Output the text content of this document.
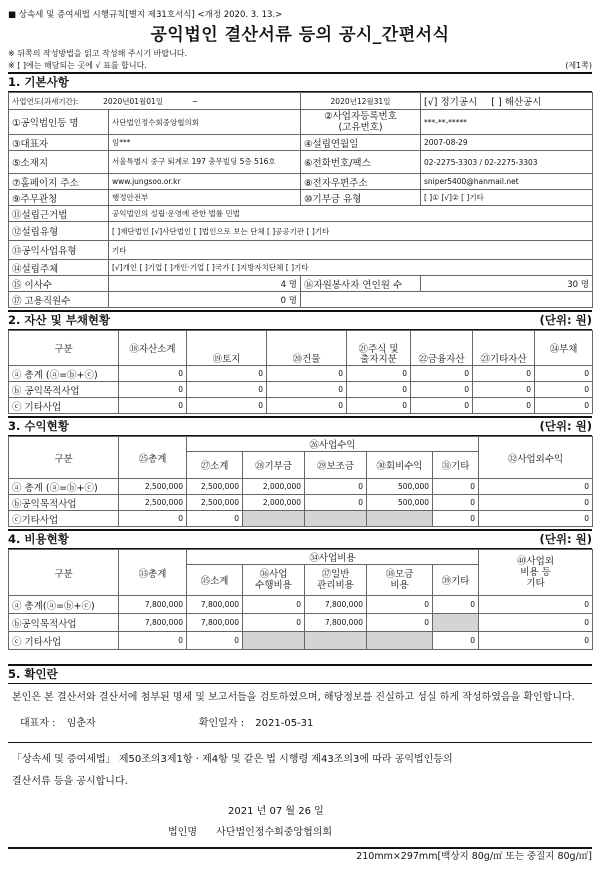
■ 상속세 및 증여세법 시행규칙[별지 제31호서식] <개정 2020. 3. 13.>
공익법인 결산서류 등의 공시_간편서식
※ 뒤쪽의 작성방법을 읽고 작성해 주시기 바랍니다.
※ [ ]에는 해당되는 곳에 √ 표를 합니다.	(제1쪽)
1. 기본사항
사업연도(과세기간): 2020년01월01일 ~		2020년12월31일	[√] 정기공시 [ ] 해산공시
①공익법인등 명	사단법인정수회중앙협의회	②사업자등록번호
(고유번호)	***-**-*****
③대표자	임***	④설립연월일	2007-08-29
⑤소재지	서울특별시 중구 퇴계로 197 충무빌딩 5층 516호	⑥전화번호/팩스	02-2275-3303 / 02-2275-3303
⑦홈페이지 주소	www.jungsoo.or.kr	⑧전자우편주소	sniper5400@hanmail.net
⑨주무관청	행정안전부	⑩기부금 유형	[ ]① [√]② [ ]기타
⑪설립근거법	공익법인의 설립·운영에 관한 법률 민법		
⑫설립유형	[ ]재단법인 [√]사단법인 [ ]법인으로 보는 단체 [ ]공공기관 [ ]기타		
⑬공익사업유형	기타		
⑭설립주체	[√]개인 [ ]기업 [ ]개인·기업 [ ]국가 [ ]지방자치단체 [ ]기타		
⑮ 이사수	4 명	⑯자원봉사자 연인원 수	30 명
⑰ 고용직원수	0 명		
2. 자산 및 부채현황	(단위: 원)
구분	⑱자산소계	⑲토지	⑳건물	㉑주식 및
출자지분	㉒금융자산	㉓기타자산	㉔부채
ⓐ 총계 (ⓐ=ⓑ+ⓒ)	0	0	0	0	0	0	0
ⓑ 공익목적사업	0	0	0	0	0	0	0
ⓒ 기타사업	0	0	0	0	0	0	0
3. 수익현황	(단위: 원)
구분	㉕총계	㉖사업수익					㉜사업외수익
		㉗소계	㉘기부금	㉙보조금	㉚회비수익	㉛기타	
ⓐ 총계 (ⓐ=ⓑ+ⓒ)	2,500,000	2,500,000	2,000,000	0	500,000	0	0
ⓑ공익목적사업	2,500,000	2,500,000	2,000,000	0	500,000	0	0
ⓒ기타사업	0	0				0	0
4. 비용현황	(단위: 원)
구분	㉝총계	㉞사업비용					㊵사업외
비용 등
기타
		㉟소계	㊱사업
수행비용	㊲일반
관리비용	㊳모금
비용	㊴기타	
ⓐ 총계(ⓐ=ⓑ+ⓒ)	7,800,000	7,800,000	0	7,800,000	0	0	0
ⓑ공익목적사업	7,800,000	7,800,000	0	7,800,000	0		0
ⓒ 기타사업	0	0				0	0
5. 확인란
본인은 본 결산서와 결산서에 첨부된 명세 및 보고서들을 검토하였으며, 해당정보를 진실하고 성실 하게 작성하였음을 확인합니다.
대표자 : 임춘자	확인일자 : 2021-05-31
「상속세 및 증여세법」 제50조의3제1항 · 제4항 및 같은 법 시행령 제43조의3에 따라 공익법인등의
결산서류 등을 공시합니다.
2021 년 07 월 26 일
법인명 사단법인정수회중앙협의회
210mm×297mm[백상지 80g/㎡ 또는 중질지 80g/㎡]
